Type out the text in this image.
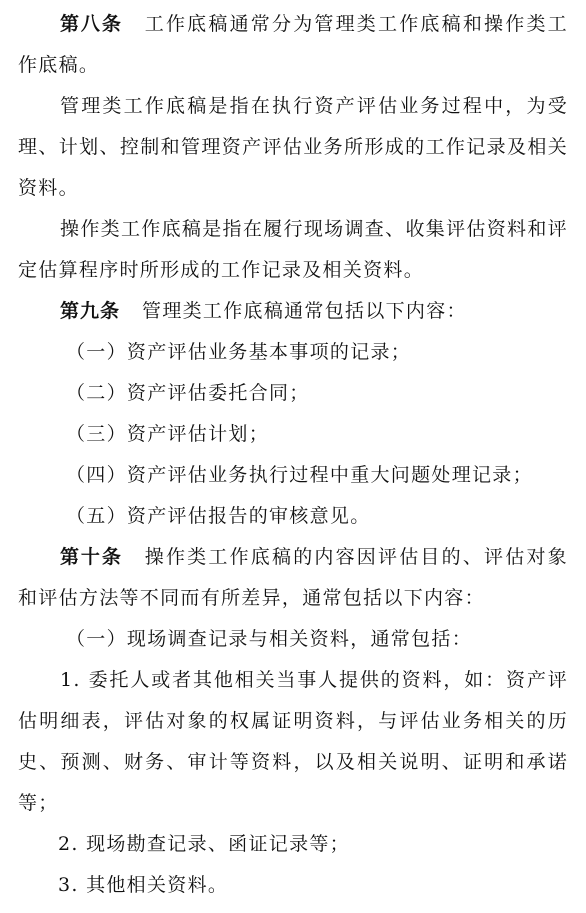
第八条 工作底稿通常分为管理类工作底稿和操作类工作底稿。

管理类工作底稿是指在执行资产评估业务过程中，为受理、计划、控制和管理资产评估业务所形成的工作记录及相关资料。

操作类工作底稿是指在履行现场调查、收集评估资料和评定估算程序时所形成的工作记录及相关资料。

第九条 管理类工作底稿通常包括以下内容：

（一）资产评估业务基本事项的记录；

（二）资产评估委托合同；

（三）资产评估计划；

（四）资产评估业务执行过程中重大问题处理记录；

（五）资产评估报告的审核意见。

第十条 操作类工作底稿的内容因评估目的、评估对象和评估方法等不同而有所差异，通常包括以下内容：

（一）现场调查记录与相关资料，通常包括：

1. 委托人或者其他相关当事人提供的资料，如：资产评估明细表，评估对象的权属证明资料，与评估业务相关的历史、预测、财务、审计等资料，以及相关说明、证明和承诺等；

2. 现场勘查记录、函证记录等；

3. 其他相关资料。
